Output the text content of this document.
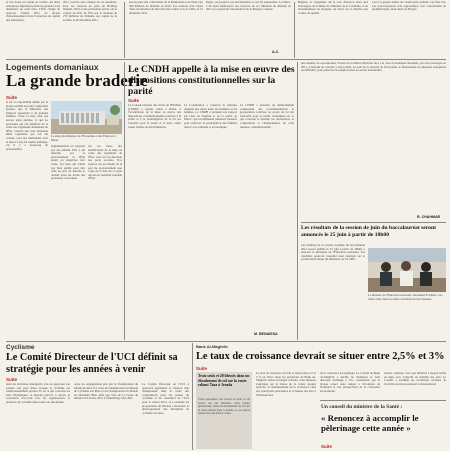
si l'un d'eux est vendu en voiture, les deux entreprises figuraient parmi les grands et les détenteurs de cette liste. L'État chargé de pourvoir l'année 2011 un niveau d'investissement avant l'ouverture du capital des entreprises.
2011, relative aux comptes de ces dernières. Pour les cessions de parts du Holding Wendel, l'Etat et des partenaires privés ont le contrat en 2011 de 30% par le montant de 270 millions de dirhams. Au capital de la société, le 40 décembre 2011.
sur les parts des collectivités de la Mamounia et de l'hôtel sur 300 millions de dirhams en 2010. Les cessions font l'objet d'une autorisation du directeur des cadres et de la CDG, le 12 décembre 2011.
Régie, ont jusqu'ici pas été finalisées et ont été suspendues. Le Maroc a dû ainsi rembourser des créances de 2,1 milliards de dirhams en 2011 en consacrant l'autorisation de la Banque Centrale.
A.C.
Hégèrie, le cinquième, dit le tour d'horizon ainsi qu'à l'envergure de la filière de véhicules de la Colombie, et un investissement de marques ont lancé sur le marché une voiture de qualité.
tout à ce grand cabinet de conseil qu'il souhaite voir finir l'an. Les préoccupations sont rapprochées, avec l'automobile en première ligne, mais aussi en Europe.
Logements domaniaux
La grande braderie
Suite
Il est vu aujourd'hui même par la presse rendant au point compromis parents, que le Ministère des finances appartient à de grandes familles. Toute la liste n'est pas encore prête publiée, et qui les personnes qui ont bénéficié de la vente des logements domaniaux de l'État. Chacun des cent cinquante mille logements qui ont été vendus, sont des immeubles dont la liste n'a pas été rendue publique, car il y a beaucoup de personnalités.
Le siège du ministère de l'Économie et des Finances à Rabat.
réglementation n'a toujours pas été publiée. Elle a été interdite par le gouvernement et l'État aurait pu empêcher leur vente. Un bien qui n'était pas bien publié peut être cédé au prix de marché et obtenir ainsi les droits des personnes concernées.
sur les listes des bénéficiaires de la mise en vente des logements de l'État, tout ceci en direction des parts sociales. Nos sources ont pu obtenir de la part du gouvernement une copie de la liste de ce sujet qui est un véritable scandale d'État.
Le CNDH appelle à la mise en œuvre des dispositions constitutionnelles sur la parité
Suite
Le Conseil national des droits de l'Homme (CNDH) a appelé, lundi à Rabat, à l'accélération de la mise en œuvre des dispositions constitutionnelles relatives à la parité et à la promulgation de la loi sur l'autorité pour la parité et la lutte contre toutes formes de discrimination.
La Constitution a consacré le principe d'égalité des droits entre les hommes et les femmes. Le CNDH a présenté son rapport sur l'état de l'égalité et de la parité au Maroc, qui recommande plusieurs mesures pour renforcer la participation des femmes dans la vie politique et économique.
Le CNDH a présenté un mémorandum comprenant des recommandations et propositions relatives au projet de loi sur l'Autorité pour la parité, notamment en ce qui concerne le mandat, les attributions, la composition et l'indépendance de cette instance constitutionnelle.
M. BENAISSA
une manière de repositionner l'action de la Maison Blanche face à la crise économique mondiale, qui s'est prolongée en 2011. L'autorité de contrôle a ainsi établi, au nom de la sécurité de l'économie, le financement de plusieurs entreprises en difficulté, pour préserver les emplois dans le secteur automobile.
R. CHAHMAR
Les résultats de la session de juin du baccalauréat seront annoncés le 25 juin à partir de 18h00
Les résultats de la session normale du baccalauréat 2012 seront publiés le 25 juin à partir de 18h00, a annoncé le ministère de l'Éducation nationale. Les candidats pourront consulter leurs résultats sur le portail électronique du ministère ou via SMS.
Le ministre de l'Éducation nationale, Mohamed El Ouafa, lors d'une visite dans un centre d'examen du baccalauréat.
Cyclisme
Le Comité Directeur de l'UCI définit sa stratégie pour les années à venir
Suite
dans les territoires émergents, tout en apportant son soutien aux pays hôtes lorsque le cyclisme est traditionnellement présent. Et en ce qui concerne les Jeux Olympiques, le mandat prévoit, à travers la conclusion d'accords avec les organisateurs, la présence du cyclisme dans toutes ses disciplines.
outre les engagements pris par le Championnat du Monde Route UCI, ceux du Championnat du Monde de Cyclisme sur Piste et du Championnat du Monde de Mountain Bike ainsi que ceux de la Coupe du Monde UCI Route 2012 à Valkenburg, Pays-Bas.
Le Comité Directeur de l'UCI a approuvé également la création d'un championnat dans le cadre des compétitions pour les jeunes du cyclisme et du calendrier de l'UCI pour la saison 2013. Il a examiné les propositions du Bureau concernant le développement des disciplines de cyclisme sur piste.
Bank Al-Maghrib
Le taux de croissance devrait se situer entre 2,5% et 3%
Suite
Trois seuls et 20 blessés dans un éboulement de sol sur la route reliant Taza à Jerada
Trois personnes ont trouvé la mort et 20 autres ont été blessées, dont quatre grièvement, dans un éboulement de sol sur la route reliant Taza à Jerada, a-t-on appris auprès des autorités locales.
Le taux de croissance devrait se situer entre 2,5 et 3 % en 2012, selon les prévisions de Bank Al-Maghrib. Selon la banque centrale, cette situation s'explique par la baisse de la valeur ajoutée agricole, le ralentissement de la croissance chez nos principaux partenaires et la hausse des prix à l'international.
de la croissance économique. Le Conseil de Bank Al-Maghrib a décidé de maintenir le taux directeur inchangé à 3%, considérant que le niveau actuel reste adapté à l'évolution de l'inflation et aux perspectives de la croissance économique.
restent contenus, avec une inflation à moyen terme en ligne avec l'objectif de stabilité des prix. Le Conseil a examiné les évolutions récentes de l'activité au niveau national et international.
Un conseil du ministre de la Santé :
« Renoncez à accomplir le pèlerinage cette année »
Suite
